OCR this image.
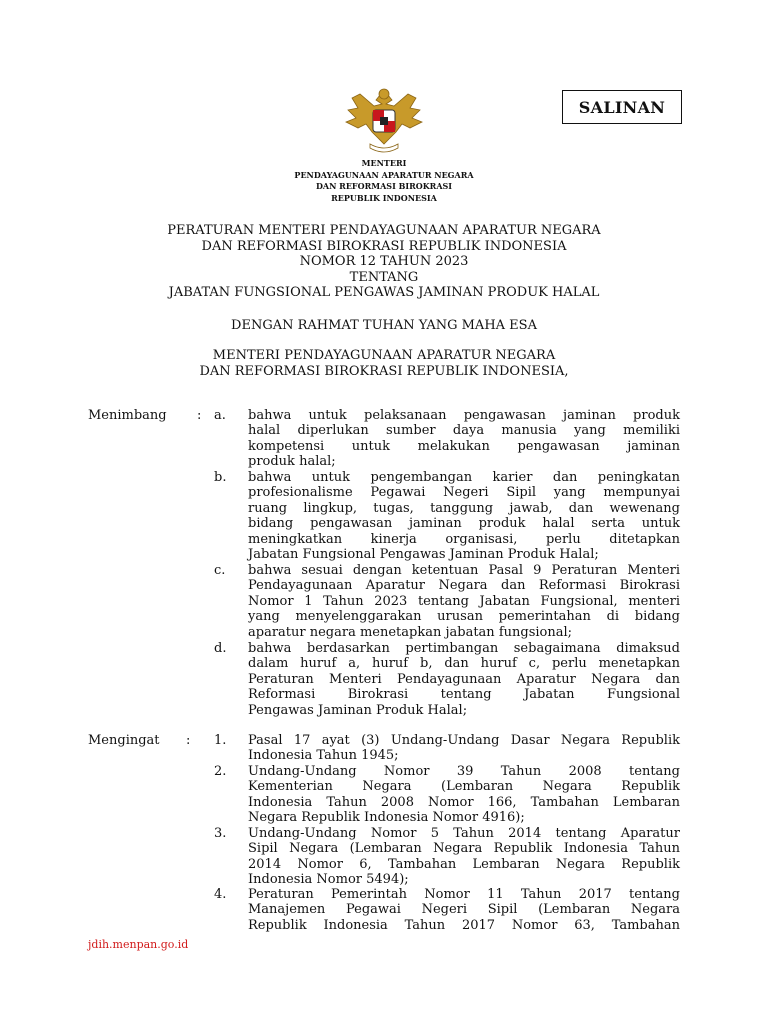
SALINAN
MENTERI
PENDAYAGUNAAN APARATUR NEGARA
DAN REFORMASI BIROKRASI
REPUBLIK INDONESIA
PERATURAN MENTERI PENDAYAGUNAAN APARATUR NEGARA
DAN REFORMASI BIROKRASI REPUBLIK INDONESIA
NOMOR 12 TAHUN 2023
TENTANG
JABATAN FUNGSIONAL PENGAWAS JAMINAN PRODUK HALAL
DENGAN RAHMAT TUHAN YANG MAHA ESA
MENTERI PENDAYAGUNAAN APARATUR NEGARA
DAN REFORMASI BIROKRASI REPUBLIK INDONESIA,
Menimbang : a. bahwa untuk pelaksanaan pengawasan jaminan produk
halal diperlukan sumber daya manusia yang memiliki
kompetensi untuk melakukan pengawasan jaminan
produk halal;
b. bahwa untuk pengembangan karier dan peningkatan
profesionalisme Pegawai Negeri Sipil yang mempunyai
ruang lingkup, tugas, tanggung jawab, dan wewenang
bidang pengawasan jaminan produk halal serta untuk
meningkatkan kinerja organisasi, perlu ditetapkan
Jabatan Fungsional Pengawas Jaminan Produk Halal;
c. bahwa sesuai dengan ketentuan Pasal 9 Peraturan Menteri
Pendayagunaan Aparatur Negara dan Reformasi Birokrasi
Nomor 1 Tahun 2023 tentang Jabatan Fungsional, menteri
yang menyelenggarakan urusan pemerintahan di bidang
aparatur negara menetapkan jabatan fungsional;
d. bahwa berdasarkan pertimbangan sebagaimana dimaksud
dalam huruf a, huruf b, dan huruf c, perlu menetapkan
Peraturan Menteri Pendayagunaan Aparatur Negara dan
Reformasi Birokrasi tentang Jabatan Fungsional
Pengawas Jaminan Produk Halal;
Mengingat : 1. Pasal 17 ayat (3) Undang-Undang Dasar Negara Republik
Indonesia Tahun 1945;
2. Undang-Undang Nomor 39 Tahun 2008 tentang
Kementerian Negara (Lembaran Negara Republik
Indonesia Tahun 2008 Nomor 166, Tambahan Lembaran
Negara Republik Indonesia Nomor 4916);
3. Undang-Undang Nomor 5 Tahun 2014 tentang Aparatur
Sipil Negara (Lembaran Negara Republik Indonesia Tahun
2014 Nomor 6, Tambahan Lembaran Negara Republik
Indonesia Nomor 5494);
4. Peraturan Pemerintah Nomor 11 Tahun 2017 tentang
Manajemen Pegawai Negeri Sipil (Lembaran Negara
Republik Indonesia Tahun 2017 Nomor 63, Tambahan
jdih.menpan.go.id
